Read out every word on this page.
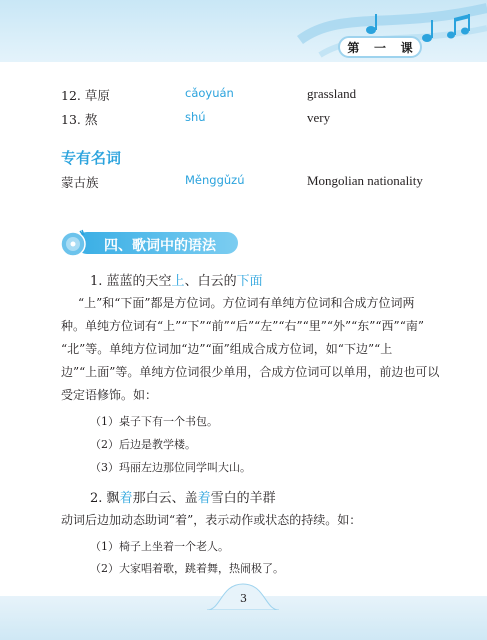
第 一 课
12. 草原	cǎoyuán	grassland
13. 熬	shú	very
专有名词
蒙古族	Měnggǔzú	Mongolian nationality
四、歌词中的语法
1. 蓝蓝的天空上、白云的下面
“上”和“下面”都是方位词。方位词有单纯方位词和合成方位词两
种。单纯方位词有“上”“下”“前”“后”“左”“右”“里”“外”“东”“西”“南”
“北”等。单纯方位词加“边”“面”组成合成方位词，如“下边”“上
边”“上面”等。单纯方位词很少单用，合成方位词可以单用，前边也可以
受定语修饰。如：
（1）桌子下有一个书包。
（2）后边是教学楼。
（3）玛丽左边那位同学叫大山。
2. 飘着那白云、盖着雪白的羊群
动词后边加动态助词“着”，表示动作或状态的持续。如：
（1）椅子上坐着一个老人。
（2）大家唱着歌，跳着舞，热闹极了。
3
